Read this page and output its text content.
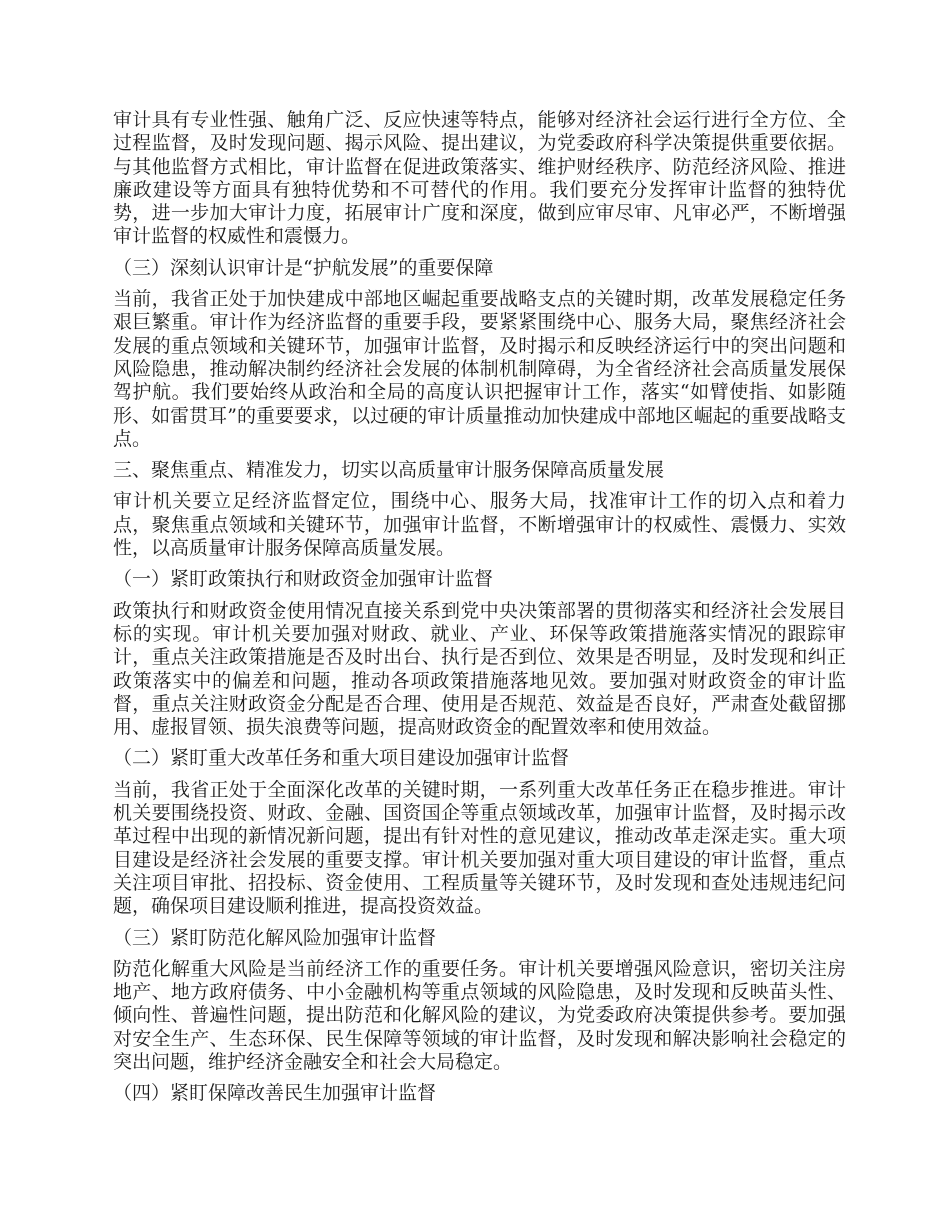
审计具有专业性强、触角广泛、反应快速等特点，能够对经济社会运行进行全方位、全过程监督，及时发现问题、揭示风险、提出建议，为党委政府科学决策提供重要依据。与其他监督方式相比，审计监督在促进政策落实、维护财经秩序、防范经济风险、推进廉政建设等方面具有独特优势和不可替代的作用。我们要充分发挥审计监督的独特优势，进一步加大审计力度，拓展审计广度和深度，做到应审尽审、凡审必严，不断增强审计监督的权威性和震慑力。
（三）深刻认识审计是“护航发展”的重要保障
当前，我省正处于加快建成中部地区崛起重要战略支点的关键时期，改革发展稳定任务艰巨繁重。审计作为经济监督的重要手段，要紧紧围绕中心、服务大局，聚焦经济社会发展的重点领域和关键环节，加强审计监督，及时揭示和反映经济运行中的突出问题和风险隐患，推动解决制约经济社会发展的体制机制障碍，为全省经济社会高质量发展保驾护航。我们要始终从政治和全局的高度认识把握审计工作，落实“如臂使指、如影随形、如雷贯耳”的重要要求，以过硬的审计质量推动加快建成中部地区崛起的重要战略支点。
三、聚焦重点、精准发力，切实以高质量审计服务保障高质量发展
审计机关要立足经济监督定位，围绕中心、服务大局，找准审计工作的切入点和着力点，聚焦重点领域和关键环节，加强审计监督，不断增强审计的权威性、震慑力、实效性，以高质量审计服务保障高质量发展。
（一）紧盯政策执行和财政资金加强审计监督
政策执行和财政资金使用情况直接关系到党中央决策部署的贯彻落实和经济社会发展目标的实现。审计机关要加强对财政、就业、产业、环保等政策措施落实情况的跟踪审计，重点关注政策措施是否及时出台、执行是否到位、效果是否明显，及时发现和纠正政策落实中的偏差和问题，推动各项政策措施落地见效。要加强对财政资金的审计监督，重点关注财政资金分配是否合理、使用是否规范、效益是否良好，严肃查处截留挪用、虚报冒领、损失浪费等问题，提高财政资金的配置效率和使用效益。
（二）紧盯重大改革任务和重大项目建设加强审计监督
当前，我省正处于全面深化改革的关键时期，一系列重大改革任务正在稳步推进。审计机关要围绕投资、财政、金融、国资国企等重点领域改革，加强审计监督，及时揭示改革过程中出现的新情况新问题，提出有针对性的意见建议，推动改革走深走实。重大项目建设是经济社会发展的重要支撑。审计机关要加强对重大项目建设的审计监督，重点关注项目审批、招投标、资金使用、工程质量等关键环节，及时发现和查处违规违纪问题，确保项目建设顺利推进，提高投资效益。
（三）紧盯防范化解风险加强审计监督
防范化解重大风险是当前经济工作的重要任务。审计机关要增强风险意识，密切关注房地产、地方政府债务、中小金融机构等重点领域的风险隐患，及时发现和反映苗头性、倾向性、普遍性问题，提出防范和化解风险的建议，为党委政府决策提供参考。要加强对安全生产、生态环保、民生保障等领域的审计监督，及时发现和解决影响社会稳定的突出问题，维护经济金融安全和社会大局稳定。
（四）紧盯保障改善民生加强审计监督
